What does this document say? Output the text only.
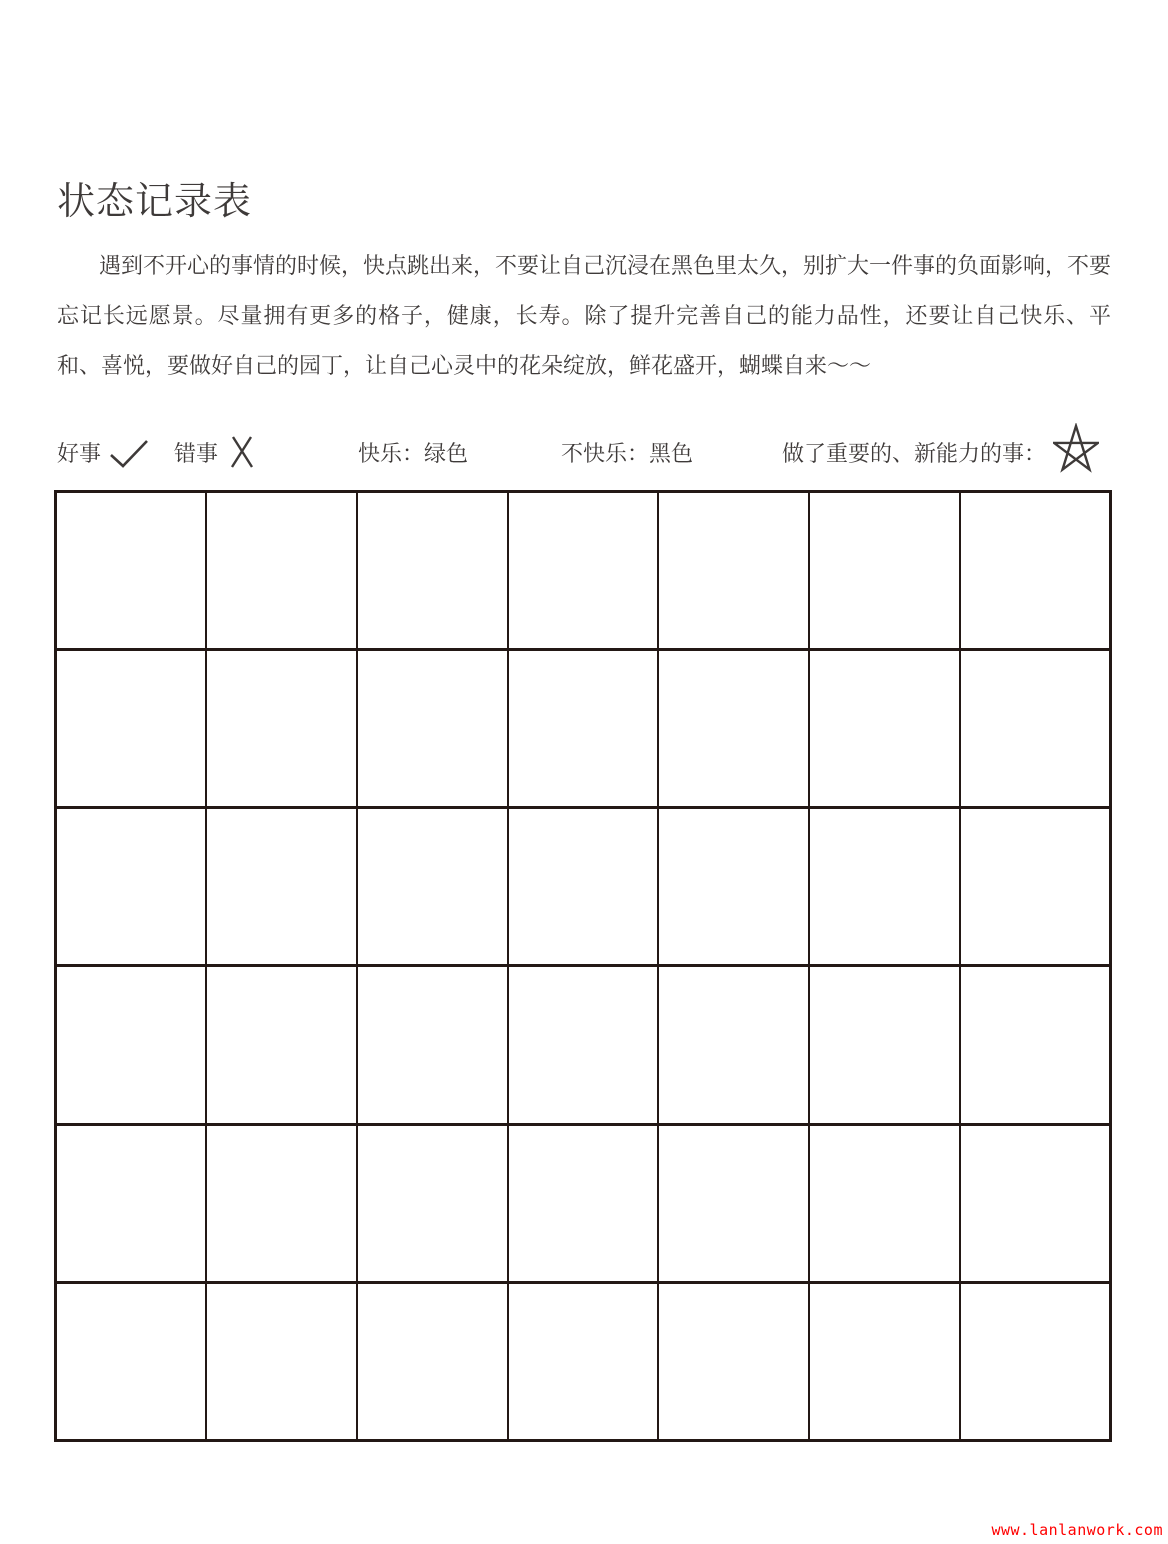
状态记录表
遇到不开心的事情的时候，快点跳出来，不要让自己沉浸在黑色里太久，别扩大一件事的负面影响，不要忘记长远愿景。尽量拥有更多的格子，健康，长寿。除了提升完善自己的能力品性，还要让自己快乐、平和、喜悦，要做好自己的园丁，让自己心灵中的花朵绽放，鲜花盛开，蝴蝶自来～～
好事	错事	快乐：绿色	不快乐：黑色	做了重要的、新能力的事：

www.lanlanwork.com
